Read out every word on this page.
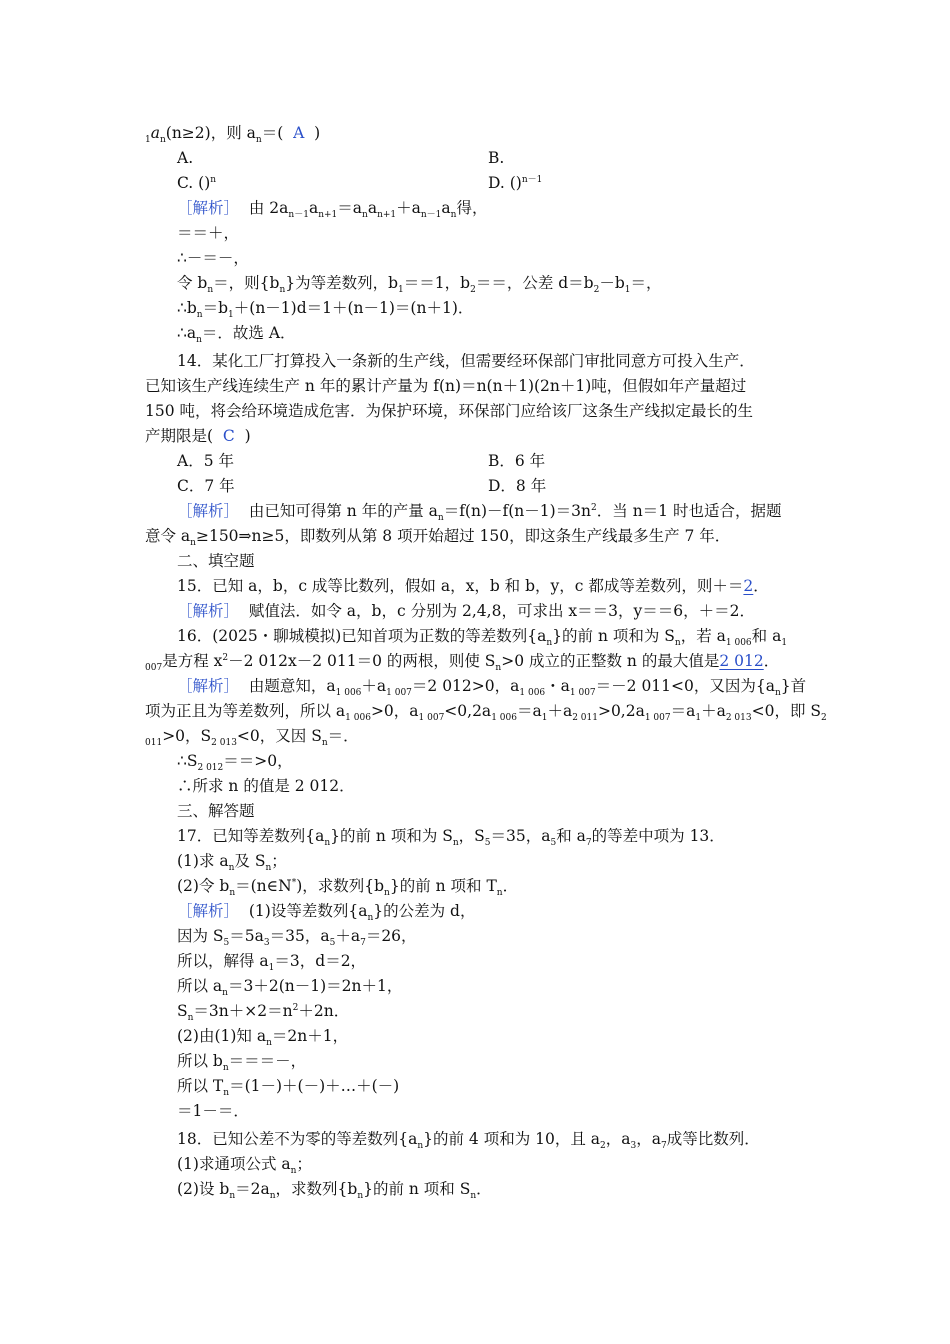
$_1a_n(n\ge 2)$，则 $a_n=$( A )
A.	B.
C. ()$^n$	D. ()$^{n-1}$
［解析］ 由 $2a_{n-1}a_{n+1}=a_na_{n+1}+a_{n-1}a_n$得，
＝＝＋，
∴－＝－，
令 $b_n=$，则$\{b_n\}$为等差数列，$b_1==1$，$b_2==$，公差 $d=b_2-b_1=$，
$\therefore b_n=b_1+(n-1)d=1+(n-1)=(n+1)$．
$\therefore a_n=$．故选 A．
14．某化工厂打算投入一条新的生产线，但需要经环保部门审批同意方可投入生产．
已知该生产线连续生产 n 年的累计产量为 f(n)＝n(n＋1)(2n＋1)吨，但假如年产量超过
150 吨，将会给环境造成危害．为保护环境，环保部门应给该厂这条生产线拟定最长的生
产期限是( C )
A．5 年	B．6 年
C．7 年	D．8 年
［解析］ 由已知可得第 n 年的产量 $a_n=f(n)-f(n-1)=3n^2$．当 n＝1 时也适合，据题
意令 $a_n\ge 150\Rightarrow n\ge 5$，即数列从第 8 项开始超过 150，即这条生产线最多生产 7 年．
二、填空题
15．已知 a，b，c 成等比数列，假如 a，x，b 和 b，y，c 都成等差数列，则＋＝2．
［解析］ 赋值法．如令 a，b，c 分别为 2,4,8，可求出 x＝＝3，y＝＝6，＋＝2．
16．(2025・聊城模拟)已知首项为正数的等差数列$\{a_n\}$的前 n 项和为 $S_n$，若 $a_{1 006}$和 $a_1$
$_{007}$是方程 $x^2-2$ 012x－2 011＝0 的两根，则使 $S_n>0$ 成立的正整数 n 的最大值是2 012．
［解析］ 由题意知，$a_{1 006}+a_{1 007}=2$ 012>0，$a_{1 006}$・$a_{1 007}=-2$ 011<0，又因为$\{a_n\}$首
项为正且为等差数列，所以 $a_{1 006}>0$，$a_{1 007}<0,2a_{1 006}=a_1+a_{2 011}>0,2a_{1 007}=a_1+a_{2 013}<0$，即 $S_2$
$_{011}$>0，$S_{2 013}<0$，又因 $S_n=$．
$\therefore S_{2 012}==>0$，
∴所求 n 的值是 2 012．
三、解答题
17．已知等差数列$\{a_n\}$的前 n 项和为 $S_n$，$S_5=35$，$a_5$和 $a_7$的等差中项为 13．
(1)求 $a_n$及 $S_n$；
(2)令 $b_n=(n\in N^*)$，求数列$\{b_n\}$的前 n 项和 $T_n$．
［解析］ (1)设等差数列$\{a_n\}$的公差为 d，
因为 $S_5=5a_3=35$，$a_5+a_7=26$，
所以，解得 $a_1=3$，d＝2，
所以 $a_n=3+2(n-1)=2n+1$，
$S_n=3n+\times 2=n^2+2n$．
(2)由(1)知 $a_n=2n+1$，
所以 $b_n===-$，
所以 $T_n=(1-)+(-)+\dots+(-)$
＝1－＝．
18．已知公差不为零的等差数列$\{a_n\}$的前 4 项和为 10，且 $a_2$，$a_3$，$a_7$成等比数列．
(1)求通项公式 $a_n$；
(2)设 $b_n=2a_n$，求数列$\{b_n\}$的前 n 项和 $S_n$．
